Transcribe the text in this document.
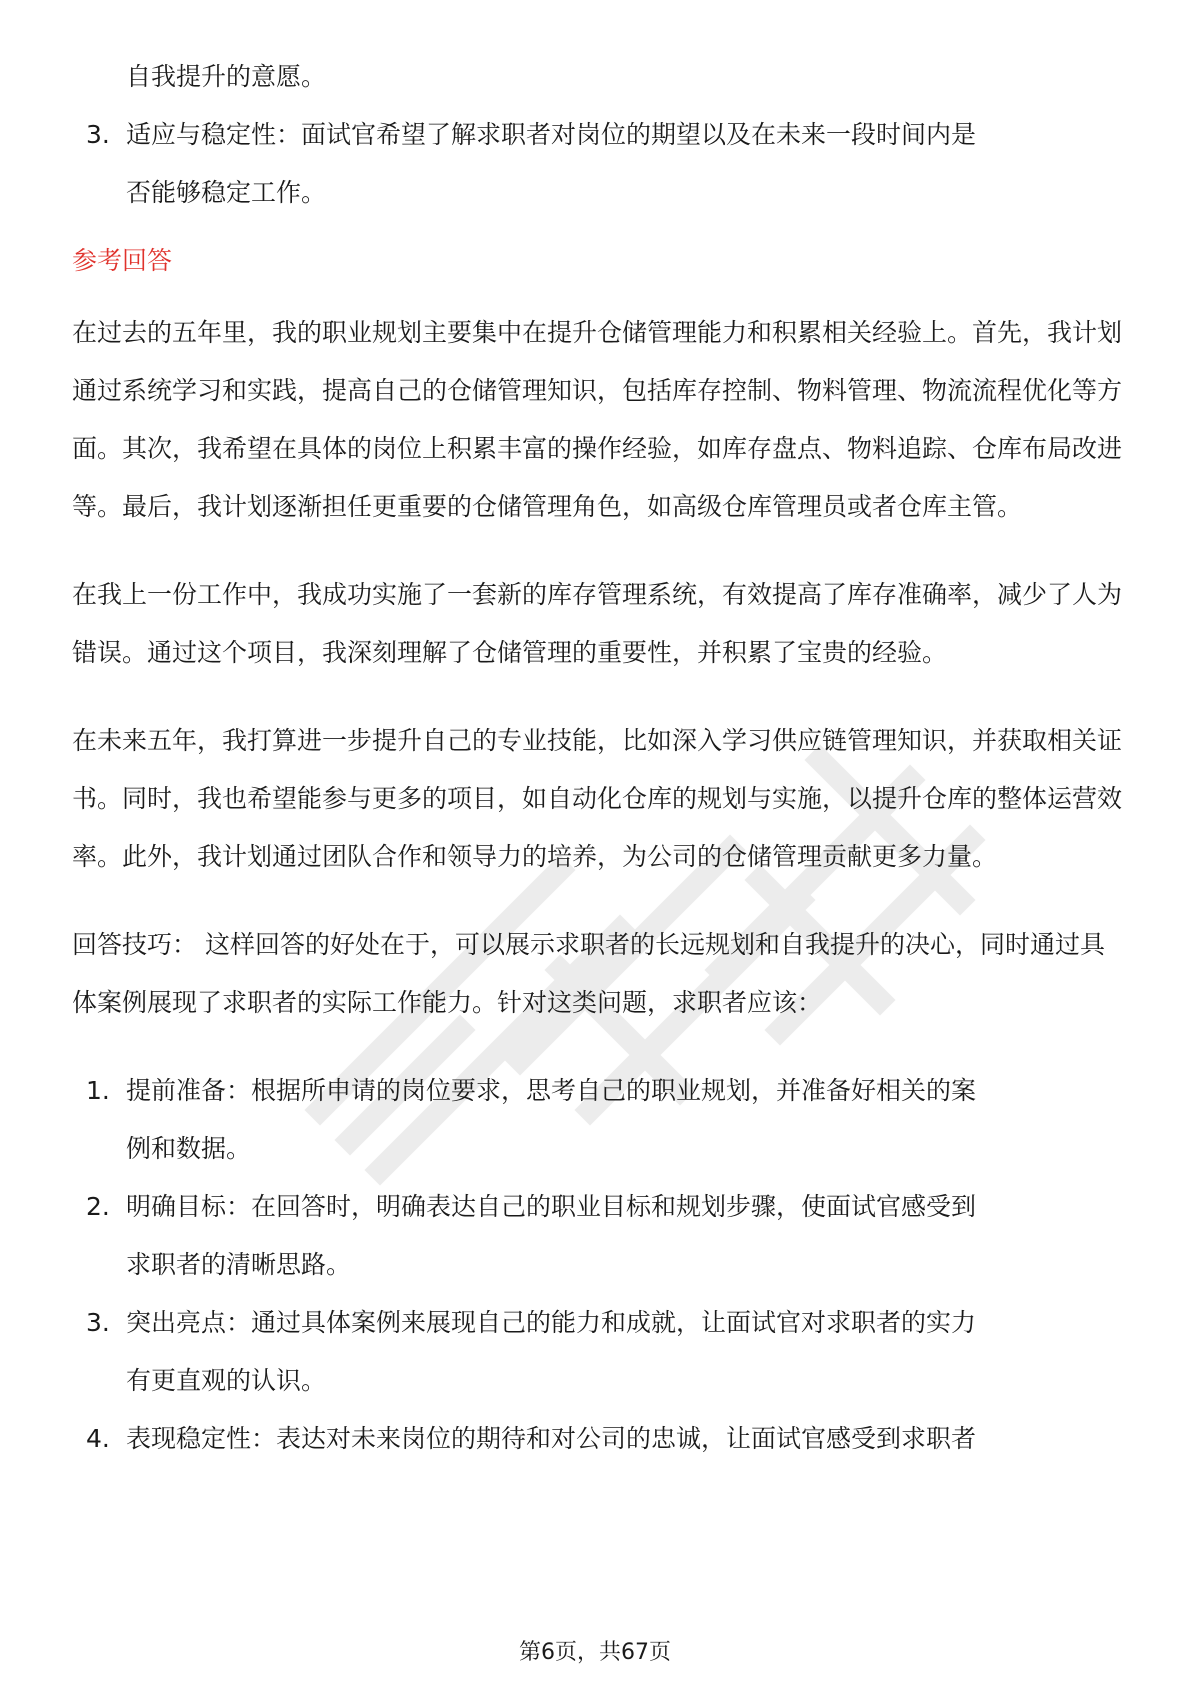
自我提升的意愿。
3. 适应与稳定性：面试官希望了解求职者对岗位的期望以及在未来一段时间内是
否能够稳定工作。
参考回答
在过去的五年里，我的职业规划主要集中在提升仓储管理能力和积累相关经验上。首先，我计划通过系统学习和实践，提高自己的仓储管理知识，包括库存控制、物料管理、物流流程优化等方面。其次，我希望在具体的岗位上积累丰富的操作经验，如库存盘点、物料追踪、仓库布局改进等。最后，我计划逐渐担任更重要的仓储管理角色，如高级仓库管理员或者仓库主管。
在我上一份工作中，我成功实施了一套新的库存管理系统，有效提高了库存准确率，减少了人为错误。通过这个项目，我深刻理解了仓储管理的重要性，并积累了宝贵的经验。
在未来五年，我打算进一步提升自己的专业技能，比如深入学习供应链管理知识，并获取相关证书。同时，我也希望能参与更多的项目，如自动化仓库的规划与实施，以提升仓库的整体运营效率。此外，我计划通过团队合作和领导力的培养，为公司的仓储管理贡献更多力量。
回答技巧： 这样回答的好处在于，可以展示求职者的长远规划和自我提升的决心，同时通过具体案例展现了求职者的实际工作能力。针对这类问题，求职者应该：
1. 提前准备：根据所申请的岗位要求，思考自己的职业规划，并准备好相关的案
例和数据。
2. 明确目标：在回答时，明确表达自己的职业目标和规划步骤，使面试官感受到
求职者的清晰思路。
3. 突出亮点：通过具体案例来展现自己的能力和成就，让面试官对求职者的实力
有更直观的认识。
4. 表现稳定性：表达对未来岗位的期待和对公司的忠诚，让面试官感受到求职者
第6页，共67页
